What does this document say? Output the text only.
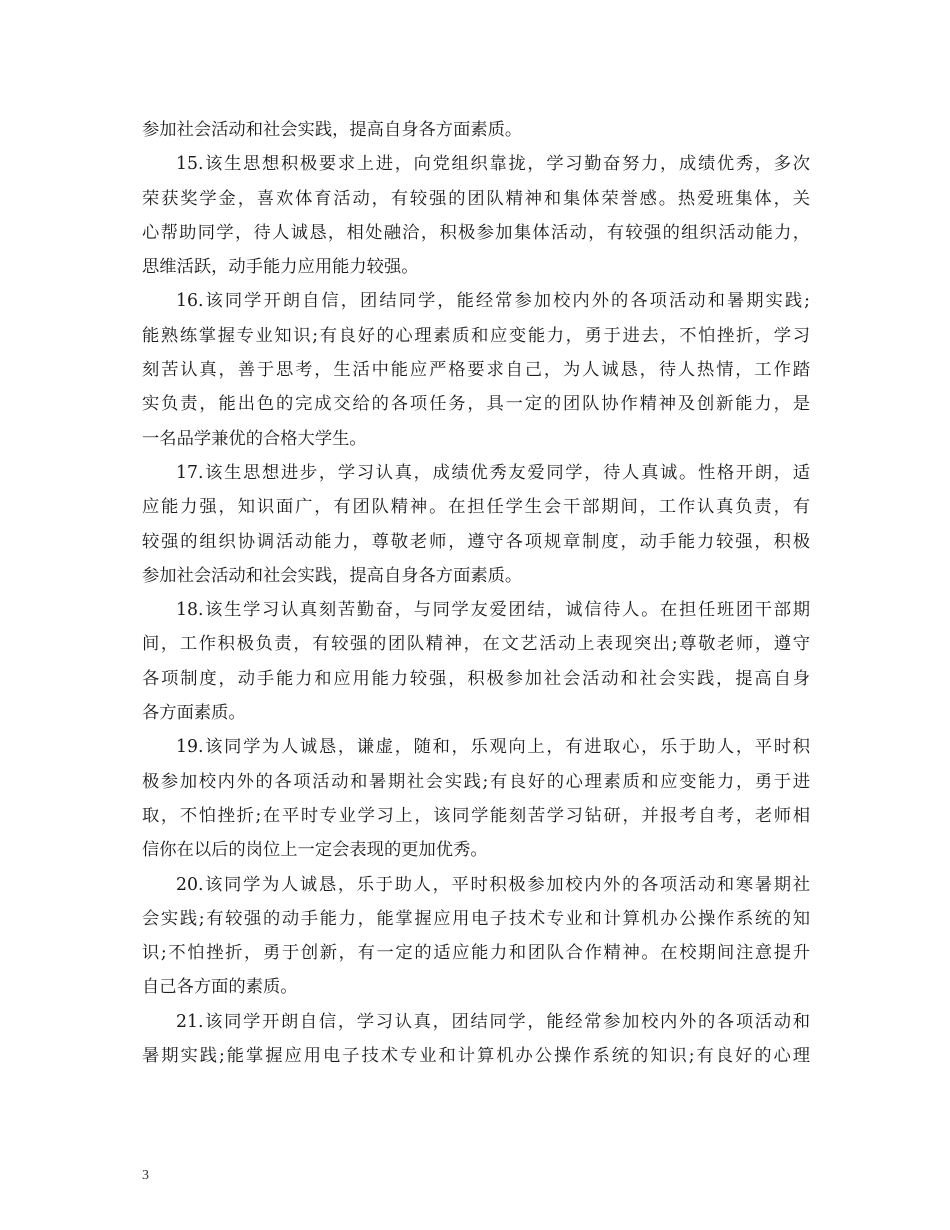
参加社会活动和社会实践，提高自身各方面素质。
15.该生思想积极要求上进，向党组织靠拢，学习勤奋努力，成绩优秀，多次
荣获奖学金，喜欢体育活动，有较强的团队精神和集体荣誉感。热爱班集体，关
心帮助同学，待人诚恳，相处融洽，积极参加集体活动，有较强的组织活动能力，
思维活跃，动手能力应用能力较强。
16.该同学开朗自信，团结同学，能经常参加校内外的各项活动和暑期实践;
能熟练掌握专业知识;有良好的心理素质和应变能力，勇于进去，不怕挫折，学习
刻苦认真，善于思考，生活中能应严格要求自己，为人诚恳，待人热情，工作踏
实负责，能出色的完成交给的各项任务，具一定的团队协作精神及创新能力，是
一名品学兼优的合格大学生。
17.该生思想进步，学习认真，成绩优秀友爱同学，待人真诚。性格开朗，适
应能力强，知识面广，有团队精神。在担任学生会干部期间，工作认真负责，有
较强的组织协调活动能力，尊敬老师，遵守各项规章制度，动手能力较强，积极
参加社会活动和社会实践，提高自身各方面素质。
18.该生学习认真刻苦勤奋，与同学友爱团结，诚信待人。在担任班团干部期
间，工作积极负责，有较强的团队精神，在文艺活动上表现突出;尊敬老师，遵守
各项制度，动手能力和应用能力较强，积极参加社会活动和社会实践，提高自身
各方面素质。
19.该同学为人诚恳，谦虚，随和，乐观向上，有进取心，乐于助人，平时积
极参加校内外的各项活动和暑期社会实践;有良好的心理素质和应变能力，勇于进
取，不怕挫折;在平时专业学习上，该同学能刻苦学习钻研，并报考自考，老师相
信你在以后的岗位上一定会表现的更加优秀。
20.该同学为人诚恳，乐于助人，平时积极参加校内外的各项活动和寒暑期社
会实践;有较强的动手能力，能掌握应用电子技术专业和计算机办公操作系统的知
识;不怕挫折，勇于创新，有一定的适应能力和团队合作精神。在校期间注意提升
自己各方面的素质。
21.该同学开朗自信，学习认真，团结同学，能经常参加校内外的各项活动和
暑期实践;能掌握应用电子技术专业和计算机办公操作系统的知识;有良好的心理
3
